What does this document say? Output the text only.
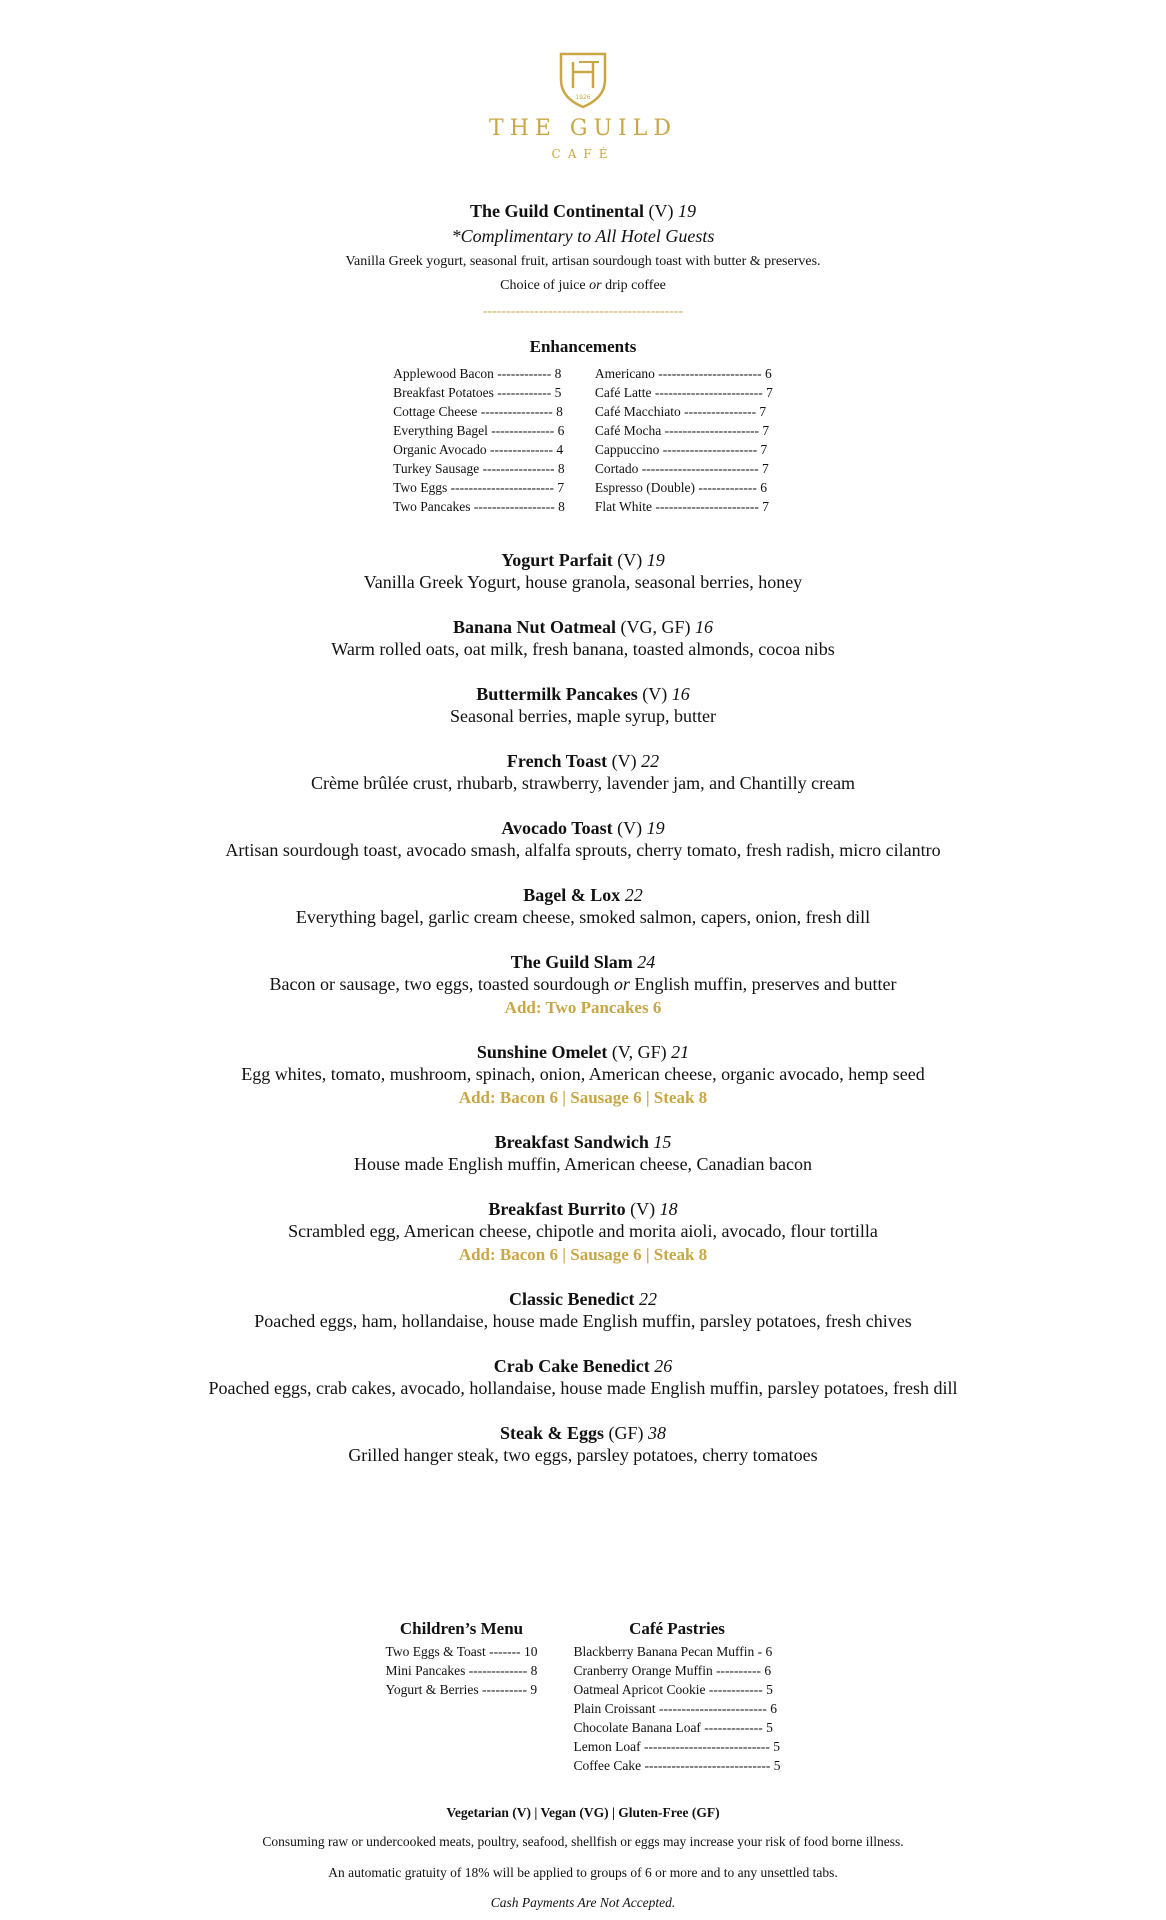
1926
THE GUILD
CAFÉ
The Guild Continental (V) 19
*Complimentary to All Hotel Guests
Vanilla Greek yogurt, seasonal fruit, artisan sourdough toast with butter & preserves.
Choice of juice or drip coffee
-------------------------------------------
Enhancements
Applewood Bacon ------------ 8
Breakfast Potatoes ------------ 5
Cottage Cheese ---------------- 8
Everything Bagel -------------- 6
Organic Avocado -------------- 4
Turkey Sausage ---------------- 8
Two Eggs ----------------------- 7
Two Pancakes ------------------ 8
Americano ----------------------- 6
Café Latte ------------------------ 7
Café Macchiato ---------------- 7
Café Mocha --------------------- 7
Cappuccino --------------------- 7
Cortado -------------------------- 7
Espresso (Double) ------------- 6
Flat White ----------------------- 7
Yogurt Parfait (V) 19
Vanilla Greek Yogurt, house granola, seasonal berries, honey
Banana Nut Oatmeal (VG, GF) 16
Warm rolled oats, oat milk, fresh banana, toasted almonds, cocoa nibs
Buttermilk Pancakes (V) 16
Seasonal berries, maple syrup, butter
French Toast (V) 22
Crème brûlée crust, rhubarb, strawberry, lavender jam, and Chantilly cream
Avocado Toast (V) 19
Artisan sourdough toast, avocado smash, alfalfa sprouts, cherry tomato, fresh radish, micro cilantro
Bagel & Lox 22
Everything bagel, garlic cream cheese, smoked salmon, capers, onion, fresh dill
The Guild Slam 24
Bacon or sausage, two eggs, toasted sourdough or English muffin, preserves and butter
Add: Two Pancakes 6
Sunshine Omelet (V, GF) 21
Egg whites, tomato, mushroom, spinach, onion, American cheese, organic avocado, hemp seed
Add: Bacon 6 | Sausage 6 | Steak 8
Breakfast Sandwich 15
House made English muffin, American cheese, Canadian bacon
Breakfast Burrito (V) 18
Scrambled egg, American cheese, chipotle and morita aioli, avocado, flour tortilla
Add: Bacon 6 | Sausage 6 | Steak 8
Classic Benedict 22
Poached eggs, ham, hollandaise, house made English muffin, parsley potatoes, fresh chives
Crab Cake Benedict 26
Poached eggs, crab cakes, avocado, hollandaise, house made English muffin, parsley potatoes, fresh dill
Steak & Eggs (GF) 38
Grilled hanger steak, two eggs, parsley potatoes, cherry tomatoes
Children’s Menu
Two Eggs & Toast ------- 10
Mini Pancakes ------------- 8
Yogurt & Berries ---------- 9
Café Pastries
Blackberry Banana Pecan Muffin - 6
Cranberry Orange Muffin ---------- 6
Oatmeal Apricot Cookie ------------ 5
Plain Croissant ------------------------ 6
Chocolate Banana Loaf ------------- 5
Lemon Loaf ---------------------------- 5
Coffee Cake ---------------------------- 5
Vegetarian (V) | Vegan (VG) | Gluten-Free (GF)
Consuming raw or undercooked meats, poultry, seafood, shellfish or eggs may increase your risk of food borne illness.
An automatic gratuity of 18% will be applied to groups of 6 or more and to any unsettled tabs.
Cash Payments Are Not Accepted.
